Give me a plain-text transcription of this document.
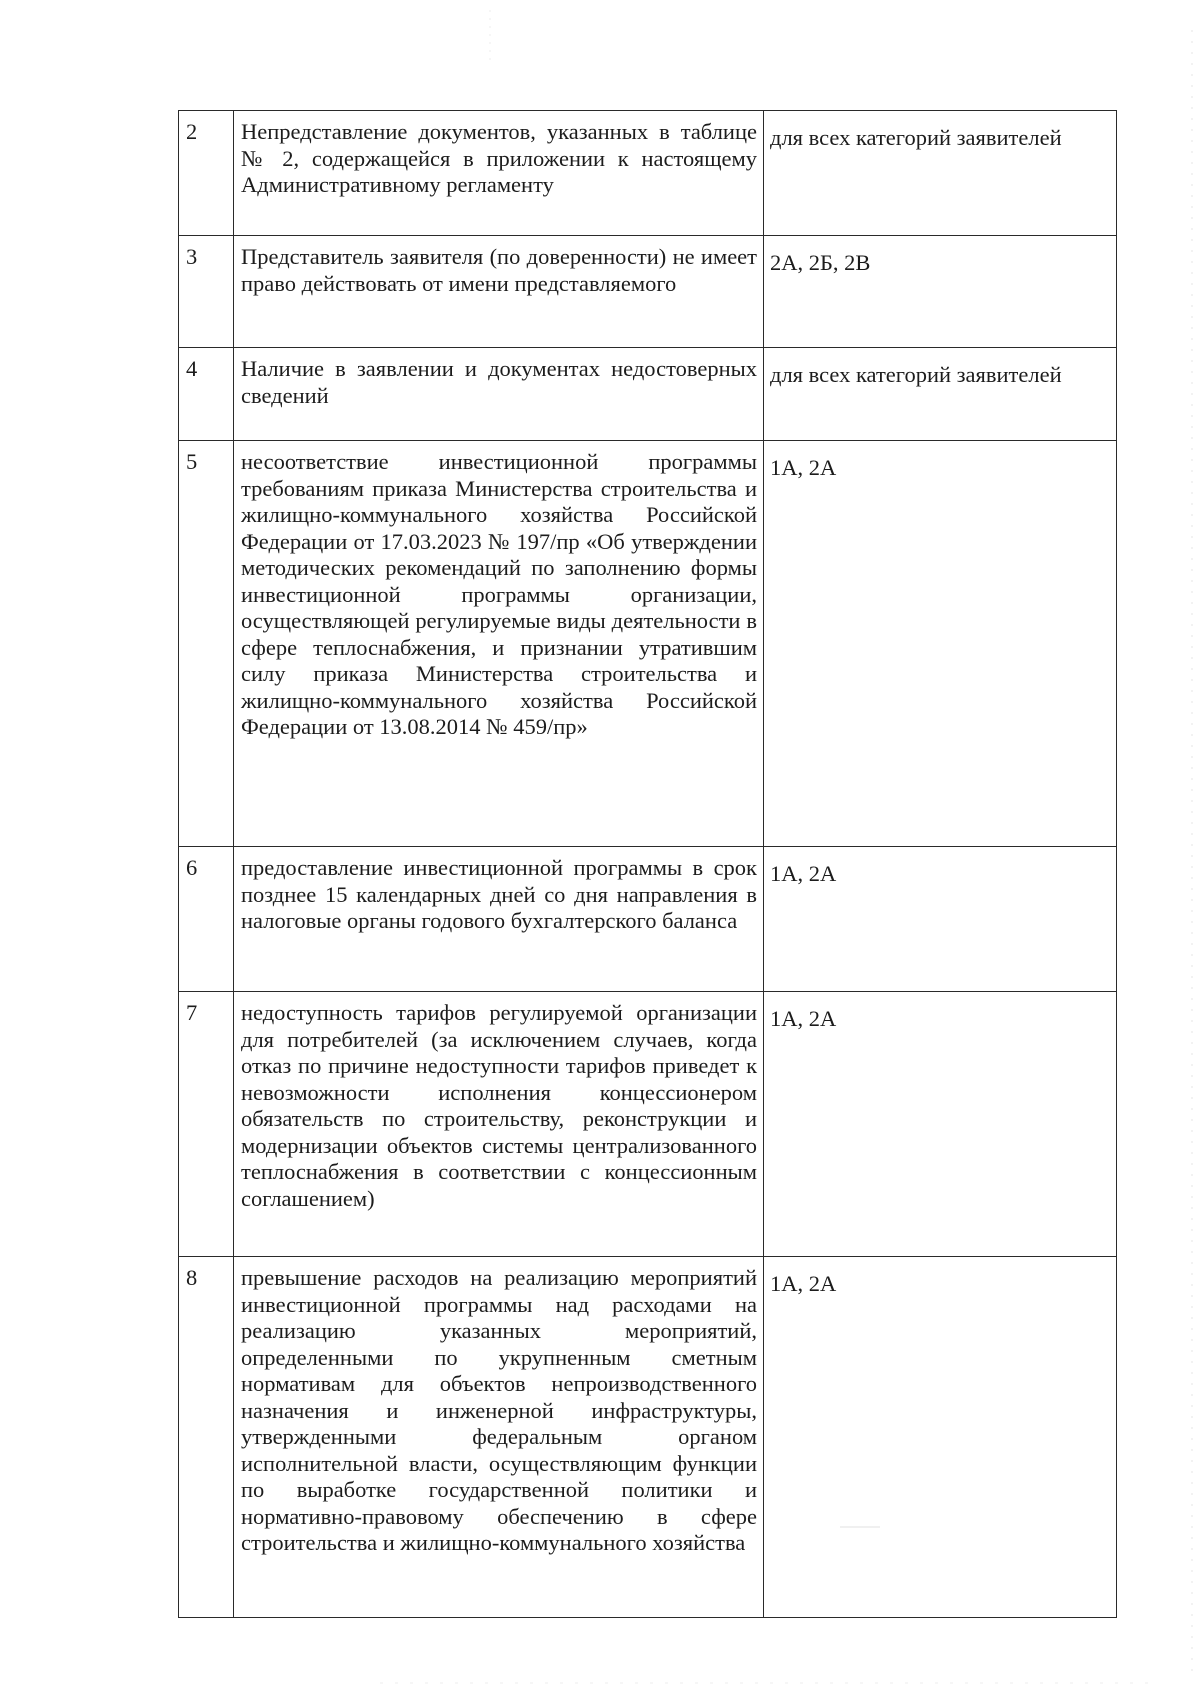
2	Непредставление документов, указанных в таблице № 2, содержащейся в приложении к настоящему Административному регламенту	для всех категорий заявителей
3	Представитель заявителя (по доверенности) не имеет право действовать от имени представляемого	2А, 2Б, 2В
4	Наличие в заявлении и документах недостоверных сведений	для всех категорий заявителей
5	несоответствие инвестиционной программы требованиям приказа Министерства строительства и жилищно-коммунального хозяйства Российской Федерации от 17.03.2023 № 197/пр «Об утверждении методических рекомендаций по заполнению формы инвестиционной программы организации, осуществляющей регулируемые виды деятельности в сфере теплоснабжения, и признании утратившим силу приказа Министерства строительства и жилищно-коммунального хозяйства Российской Федерации от 13.08.2014 № 459/пр»	1А, 2А
6	предоставление инвестиционной программы в срок позднее 15 календарных дней со дня направления в налоговые органы годового бухгалтерского баланса	1А, 2А
7	недоступность тарифов регулируемой организации для потребителей (за исключением случаев, когда отказ по причине недоступности тарифов приведет к невозможности исполнения концессионером обязательств по строительству, реконструкции и модернизации объектов системы централизованного теплоснабжения в соответствии с концессионным соглашением)	1А, 2А
8	превышение расходов на реализацию мероприятий инвестиционной программы над расходами на реализацию указанных мероприятий, определенными по укрупненным сметным нормативам для объектов непроизводственного назначения и инженерной инфраструктуры, утвержденными федеральным органом исполнительной власти, осуществляющим функции по выработке государственной политики и нормативно-правовому обеспечению в сфере строительства и жилищно-коммунального хозяйства	1А, 2А
